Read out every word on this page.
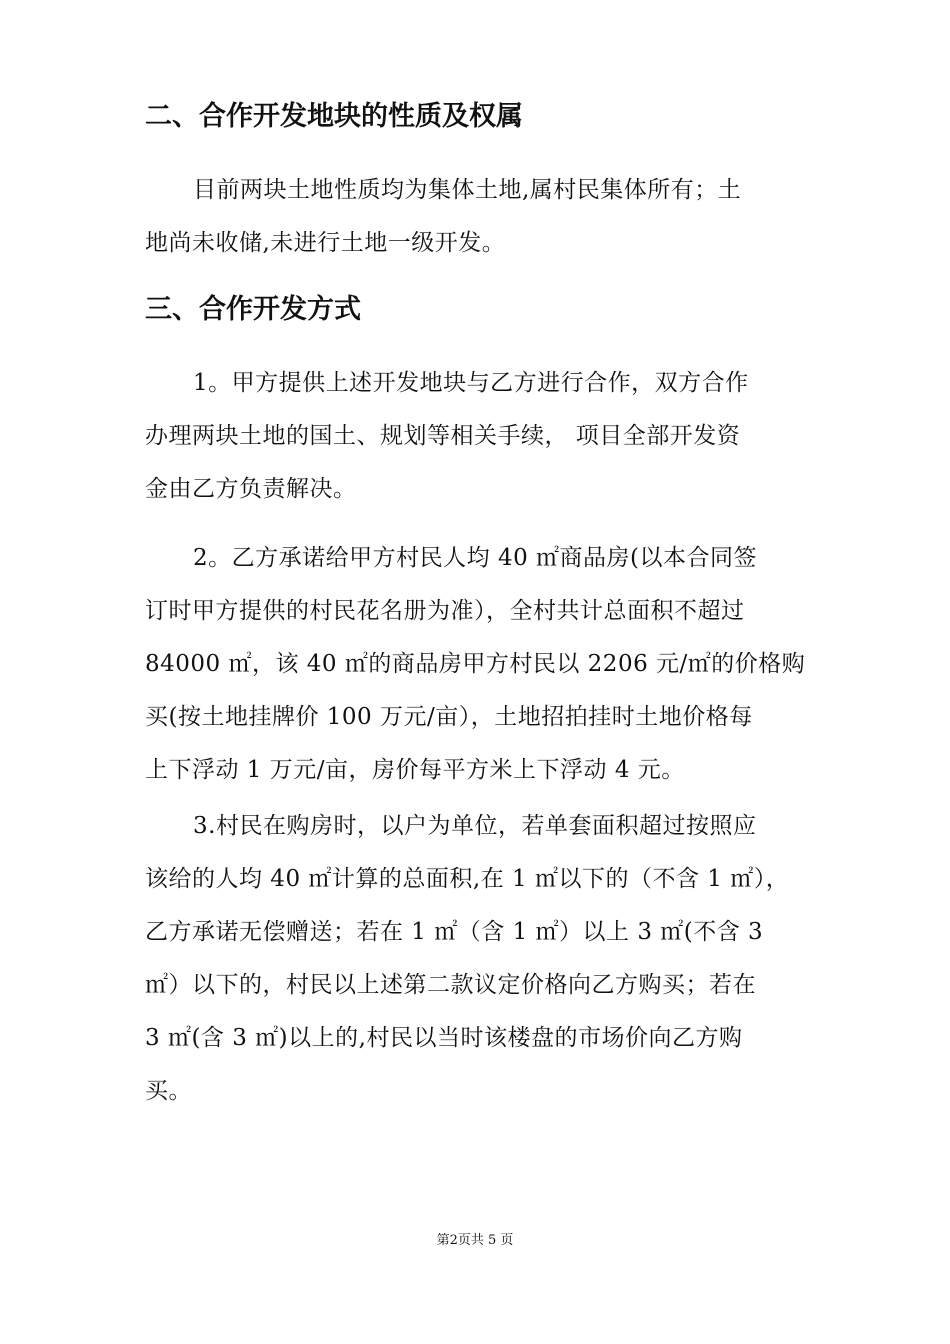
二、合作开发地块的性质及权属

目前两块土地性质均为集体土地,属村民集体所有；土
地尚未收储,未进行土地一级开发。

三、合作开发方式

1。甲方提供上述开发地块与乙方进行合作，双方合作
办理两块土地的国土、规划等相关手续， 项目全部开发资
金由乙方负责解决。

2。乙方承诺给甲方村民人均 40 ㎡商品房(以本合同签
订时甲方提供的村民花名册为准），全村共计总面积不超过
84000 ㎡，该 40 ㎡的商品房甲方村民以 2206 元/㎡的价格购
买(按土地挂牌价 100 万元/亩），土地招拍挂时土地价格每
上下浮动 1 万元/亩，房价每平方米上下浮动 4 元。

3.村民在购房时，以户为单位，若单套面积超过按照应
该给的人均 40 ㎡计算的总面积,在 1 ㎡以下的（不含 1 ㎡），
乙方承诺无偿赠送；若在 1 ㎡（含 1 ㎡）以上 3 ㎡(不含 3
㎡）以下的，村民以上述第二款议定价格向乙方购买；若在
3 ㎡(含 3 ㎡)以上的,村民以当时该楼盘的市场价向乙方购
买。

第2页共 5 页
